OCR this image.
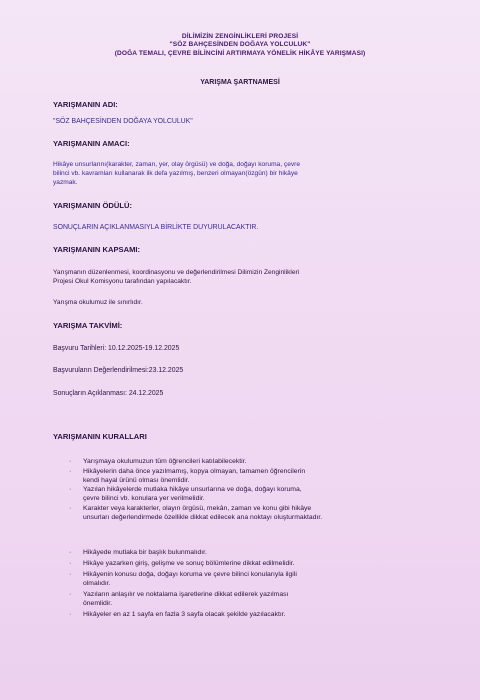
DİLİMİZİN ZENGİNLİKLERİ PROJESİ
"SÖZ BAHÇESİNDEN DOĞAYA YOLCULUK"
(DOĞA TEMALI, ÇEVRE BİLİNCİNİ ARTIRMAYA YÖNELİK HİKÂYE YARIŞMASI)
YARIŞMA ŞARTNAMESİ
YARIŞMANIN ADI:
"SÖZ BAHÇESİNDEN DOĞAYA YOLCULUK"
YARIŞMANIN AMACI:
Hikâye unsurlarını(karakter, zaman, yer, olay örgüsü) ve doğa, doğayı koruma, çevre
bilinci vb. kavramları kullanarak ilk defa yazılmış, benzeri olmayan(özgün) bir hikâye
yazmak.
YARIŞMANIN ÖDÜLÜ:
SONUÇLARIN AÇIKLANMASIYLA BİRLİKTE DUYURULACAKTIR.
YARIŞMANIN KAPSAMI:
Yarışmanın düzenlenmesi, koordinasyonu ve değerlendirilmesi Dilimizin Zenginlikleri
Projesi Okul Komisyonu tarafından yapılacaktır.
Yarışma okulumuz ile sınırlıdır.
YARIŞMA TAKVİMİ:
Başvuru Tarihleri: 10.12.2025-19.12.2025
Başvuruların Değerlendirilmesi:23.12.2025
Sonuçların Açıklanması: 24.12.2025
YARIŞMANIN KURALLARI
· Yarışmaya okulumuzun tüm öğrencileri katılabilecektir.
· Hikâyelerin daha önce yazılmamış, kopya olmayan, tamamen öğrencilerin
kendi hayal ürünü olması önemlidir.
· Yazılan hikâyelerde mutlaka hikâye unsurlarına ve doğa, doğayı koruma,
çevre bilinci vb. konulara yer verilmelidir.
· Karakter veya karakterler, olayın örgüsü, mekân, zaman ve konu gibi hikâye
unsurları değerlendirmede özellikle dikkat edilecek ana noktayı oluşturmaktadır.
· Hikâyede mutlaka bir başlık bulunmalıdır.
· Hikâye yazarken giriş, gelişme ve sonuç bölümlerine dikkat edilmelidir.
· Hikâyenin konusu doğa, doğayı koruma ve çevre bilinci konularıyla ilgili
olmalıdır.
· Yazıların anlaşılır ve noktalama işaretlerine dikkat edilerek yazılması
önemlidir.
· Hikâyeler en az 1 sayfa en fazla 3 sayfa olacak şekilde yazılacaktır.
